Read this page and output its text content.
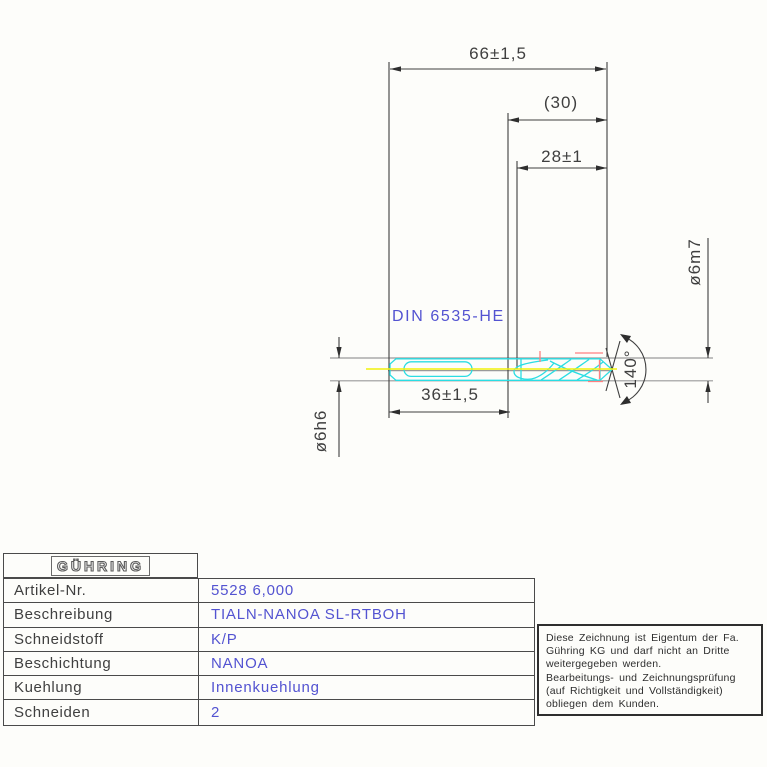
66±1,5
(30)
28±1
36±1,5
140°
ø6m7
ø6h6
DIN 6535-HE
GÜHRING
Artikel-Nr.	5528 6,000
Beschreibung	TIALN-NANOA SL-RTBOH
Schneidstoff	K/P
Beschichtung	NANOA
Kuehlung	Innenkuehlung
Schneiden	2
Diese Zeichnung ist Eigentum der Fa.
Gühring KG und darf nicht an Dritte
weitergegeben werden.
Bearbeitungs- und Zeichnungsprüfung
(auf Richtigkeit und Vollständigkeit)
obliegen dem Kunden.
